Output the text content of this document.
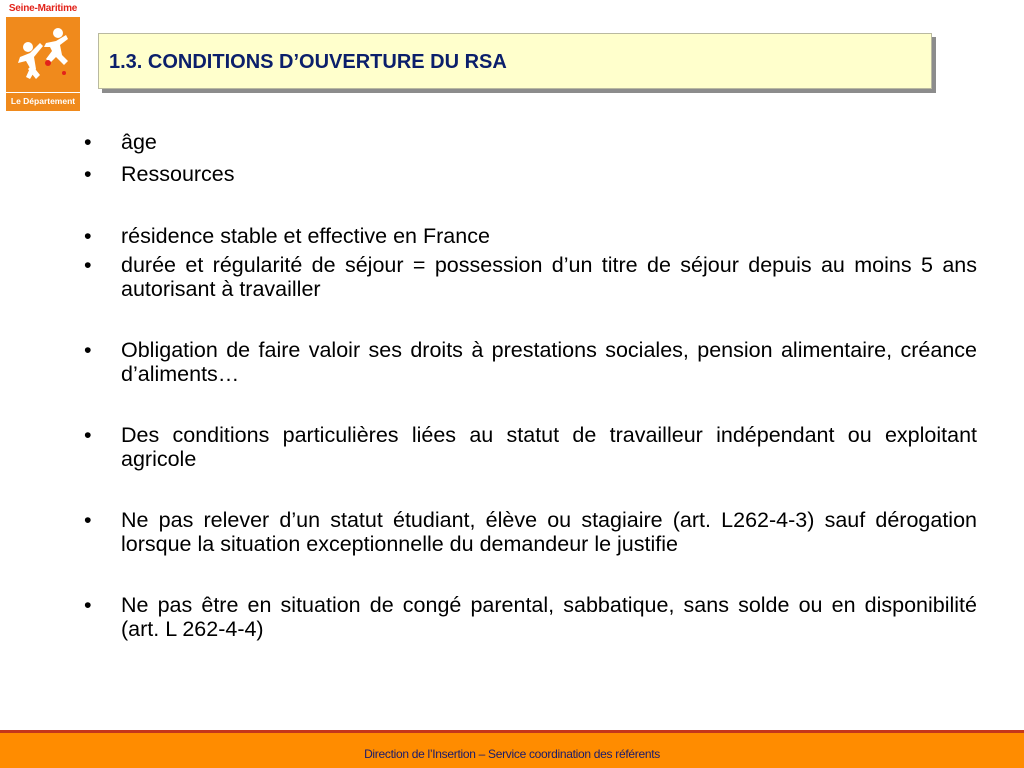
Seine-Maritime
Le Département
1.3. CONDITIONS D’OUVERTURE DU RSA
•	âge
•	Ressources
•	résidence stable et effective en France
•	durée et régularité de séjour = possession d’un titre de séjour depuis au moins 5 ans autorisant à travailler
•	Obligation de faire valoir ses droits à prestations sociales, pension alimentaire, créance d’aliments…
•	Des conditions particulières liées au statut de travailleur indépendant ou exploitant agricole
•	Ne pas relever d’un statut étudiant, élève ou stagiaire (art. L262-4-3) sauf dérogation lorsque la situation exceptionnelle du demandeur le justifie
•	Ne pas être en situation de congé parental, sabbatique, sans solde ou en disponibilité (art. L 262-4-4)
Direction de l’Insertion – Service coordination des référents
